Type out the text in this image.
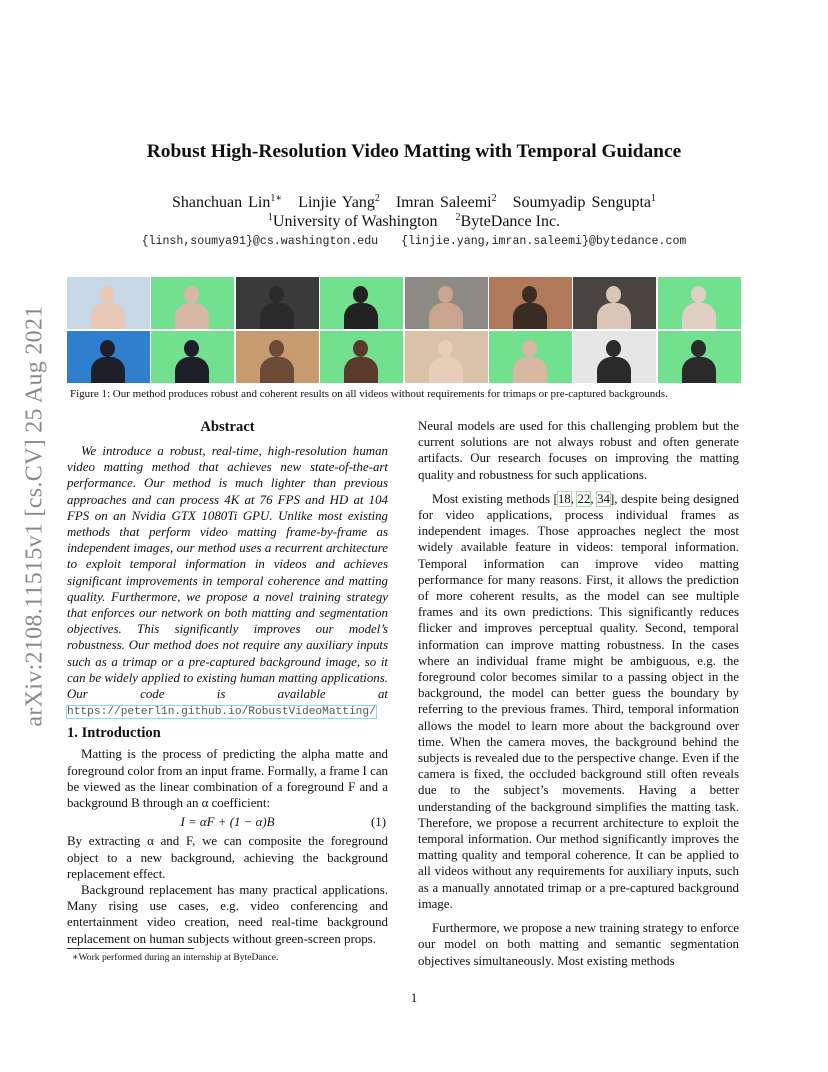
arXiv:2108.11515v1 [cs.CV] 25 Aug 2021
Robust High-Resolution Video Matting with Temporal Guidance
Shanchuan Lin$^{1∗}$ Linjie Yang$^2$ Imran Saleemi$^2$ Soumyadip Sengupta$^1$
$^1$University of Washington $^2$ByteDance Inc.
{linsh,soumya91}@cs.washington.edu {linjie.yang,imran.saleemi}@bytedance.com
Figure 1: Our method produces robust and coherent results on all videos without requirements for trimaps or pre-captured backgrounds.
Abstract

We introduce a robust, real-time, high-resolution human video matting method that achieves new state-of-the-art performance. Our method is much lighter than previous approaches and can process 4K at 76 FPS and HD at 104 FPS on an Nvidia GTX 1080Ti GPU. Unlike most existing methods that perform video matting frame-by-frame as independent images, our method uses a recurrent architecture to exploit temporal information in videos and achieves significant improvements in temporal coherence and matting quality. Furthermore, we propose a novel training strategy that enforces our network on both matting and segmentation objectives. This significantly improves our model’s robustness. Our method does not require any auxiliary inputs such as a trimap or a pre-captured background image, so it can be widely applied to existing human matting applications. Our code is available at https://peterl1n.github.io/RobustVideoMatting/

1. Introduction

Matting is the process of predicting the alpha matte and foreground color from an input frame. Formally, a frame I can be viewed as the linear combination of a foreground F and a background B through an α coefficient:

I = αF + (1 − α)B	(1)

By extracting α and F, we can composite the foreground object to a new background, achieving the background replacement effect.

Background replacement has many practical applications. Many rising use cases, e.g. video conferencing and entertainment video creation, need real-time background replacement on human subjects without green-screen props.

Neural models are used for this challenging problem but the current solutions are not always robust and often generate artifacts. Our research focuses on improving the matting quality and robustness for such applications.

Most existing methods [18, 22, 34], despite being designed for video applications, process individual frames as independent images. Those approaches neglect the most widely available feature in videos: temporal information. Temporal information can improve video matting performance for many reasons. First, it allows the prediction of more coherent results, as the model can see multiple frames and its own predictions. This significantly reduces flicker and improves perceptual quality. Second, temporal information can improve matting robustness. In the cases where an individual frame might be ambiguous, e.g. the foreground color becomes similar to a passing object in the background, the model can better guess the boundary by referring to the previous frames. Third, temporal information allows the model to learn more about the background over time. When the camera moves, the background behind the subjects is revealed due to the perspective change. Even if the camera is fixed, the occluded background still often reveals due to the subject’s movements. Having a better understanding of the background simplifies the matting task. Therefore, we propose a recurrent architecture to exploit the temporal information. Our method significantly improves the matting quality and temporal coherence. It can be applied to all videos without any requirements for auxiliary inputs, such as a manually annotated trimap or a pre-captured background image.

Furthermore, we propose a new training strategy to enforce our model on both matting and semantic segmentation objectives simultaneously. Most existing methods

∗Work performed during an internship at ByteDance.
1
